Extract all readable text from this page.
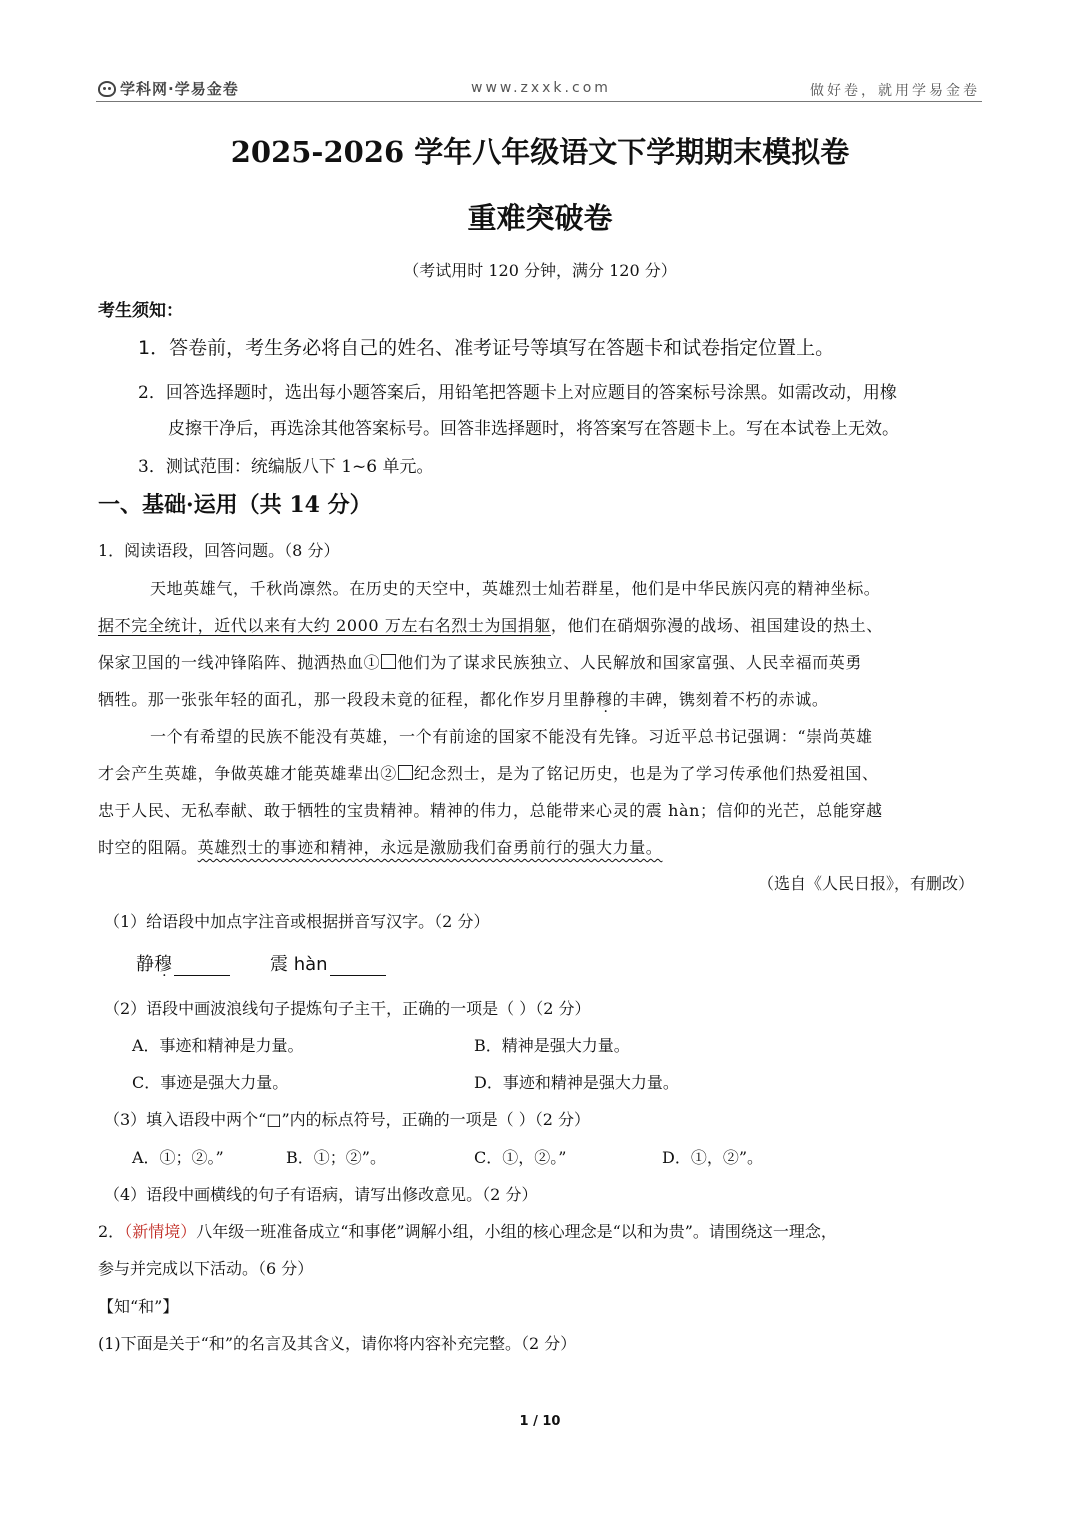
学科网·学易金卷	www.zxxk.com	做好卷，就用学易金卷
2025-2026 学年八年级语文下学期期末模拟卷
重难突破卷
（考试用时 120 分钟，满分 120 分）
考生须知：
1．答卷前，考生务必将自己的姓名、准考证号等填写在答题卡和试卷指定位置上。
2．回答选择题时，选出每小题答案后，用铅笔把答题卡上对应题目的答案标号涂黑。如需改动，用橡
皮擦干净后，再选涂其他答案标号。回答非选择题时，将答案写在答题卡上。写在本试卷上无效。
3．测试范围：统编版八下 1~6 单元。
一、基础·运用（共 14 分）
1．阅读语段，回答问题。（8 分）
天地英雄气，千秋尚凛然。在历史的天空中，英雄烈士灿若群星，他们是中华民族闪亮的精神坐标。
据不完全统计，近代以来有大约 2000 万左右名烈士为国捐躯，他们在硝烟弥漫的战场、祖国建设的热土、
保家卫国的一线冲锋陷阵、抛洒热血① 他们为了谋求民族独立、人民解放和国家富强、人民幸福而英勇
牺牲。那一张张年轻的面孔，那一段段未竟的征程，都化作岁月里静穆的丰碑，镌刻着不朽的赤诚。
一个有希望的民族不能没有英雄，一个有前途的国家不能没有先锋。习近平总书记强调：“崇尚英雄
才会产生英雄，争做英雄才能英雄辈出② 纪念烈士，是为了铭记历史，也是为了学习传承他们热爱祖国、
忠于人民、无私奉献、敢于牺牲的宝贵精神。精神的伟力，总能带来心灵的震 hàn；信仰的光芒，总能穿越
时空的阻隔。英雄烈士的事迹和精神，永远是激励我们奋勇前行的强大力量。
（选自《人民日报》，有删改）
（1）给语段中加点字注音或根据拼音写汉字。（2 分）
静穆	震 hàn
（2）语段中画波浪线句子提炼句子主干，正确的一项是（ ）（2 分）
A．事迹和精神是力量。	B．精神是强大力量。
C．事迹是强大力量。	D．事迹和精神是强大力量。
（3）填入语段中两个“□”内的标点符号，正确的一项是（ ）（2 分）
A．①；②。”	B．①；②”。	C．①，②。”	D．①，②”。
（4）语段中画横线的句子有语病，请写出修改意见。（2 分）
2．（新情境）八年级一班准备成立“和事佬”调解小组，小组的核心理念是“以和为贵”。请围绕这一理念，
参与并完成以下活动。（6 分）
【知“和”】
(1)下面是关于“和”的名言及其含义，请你将内容补充完整。（2 分）
1 / 10
